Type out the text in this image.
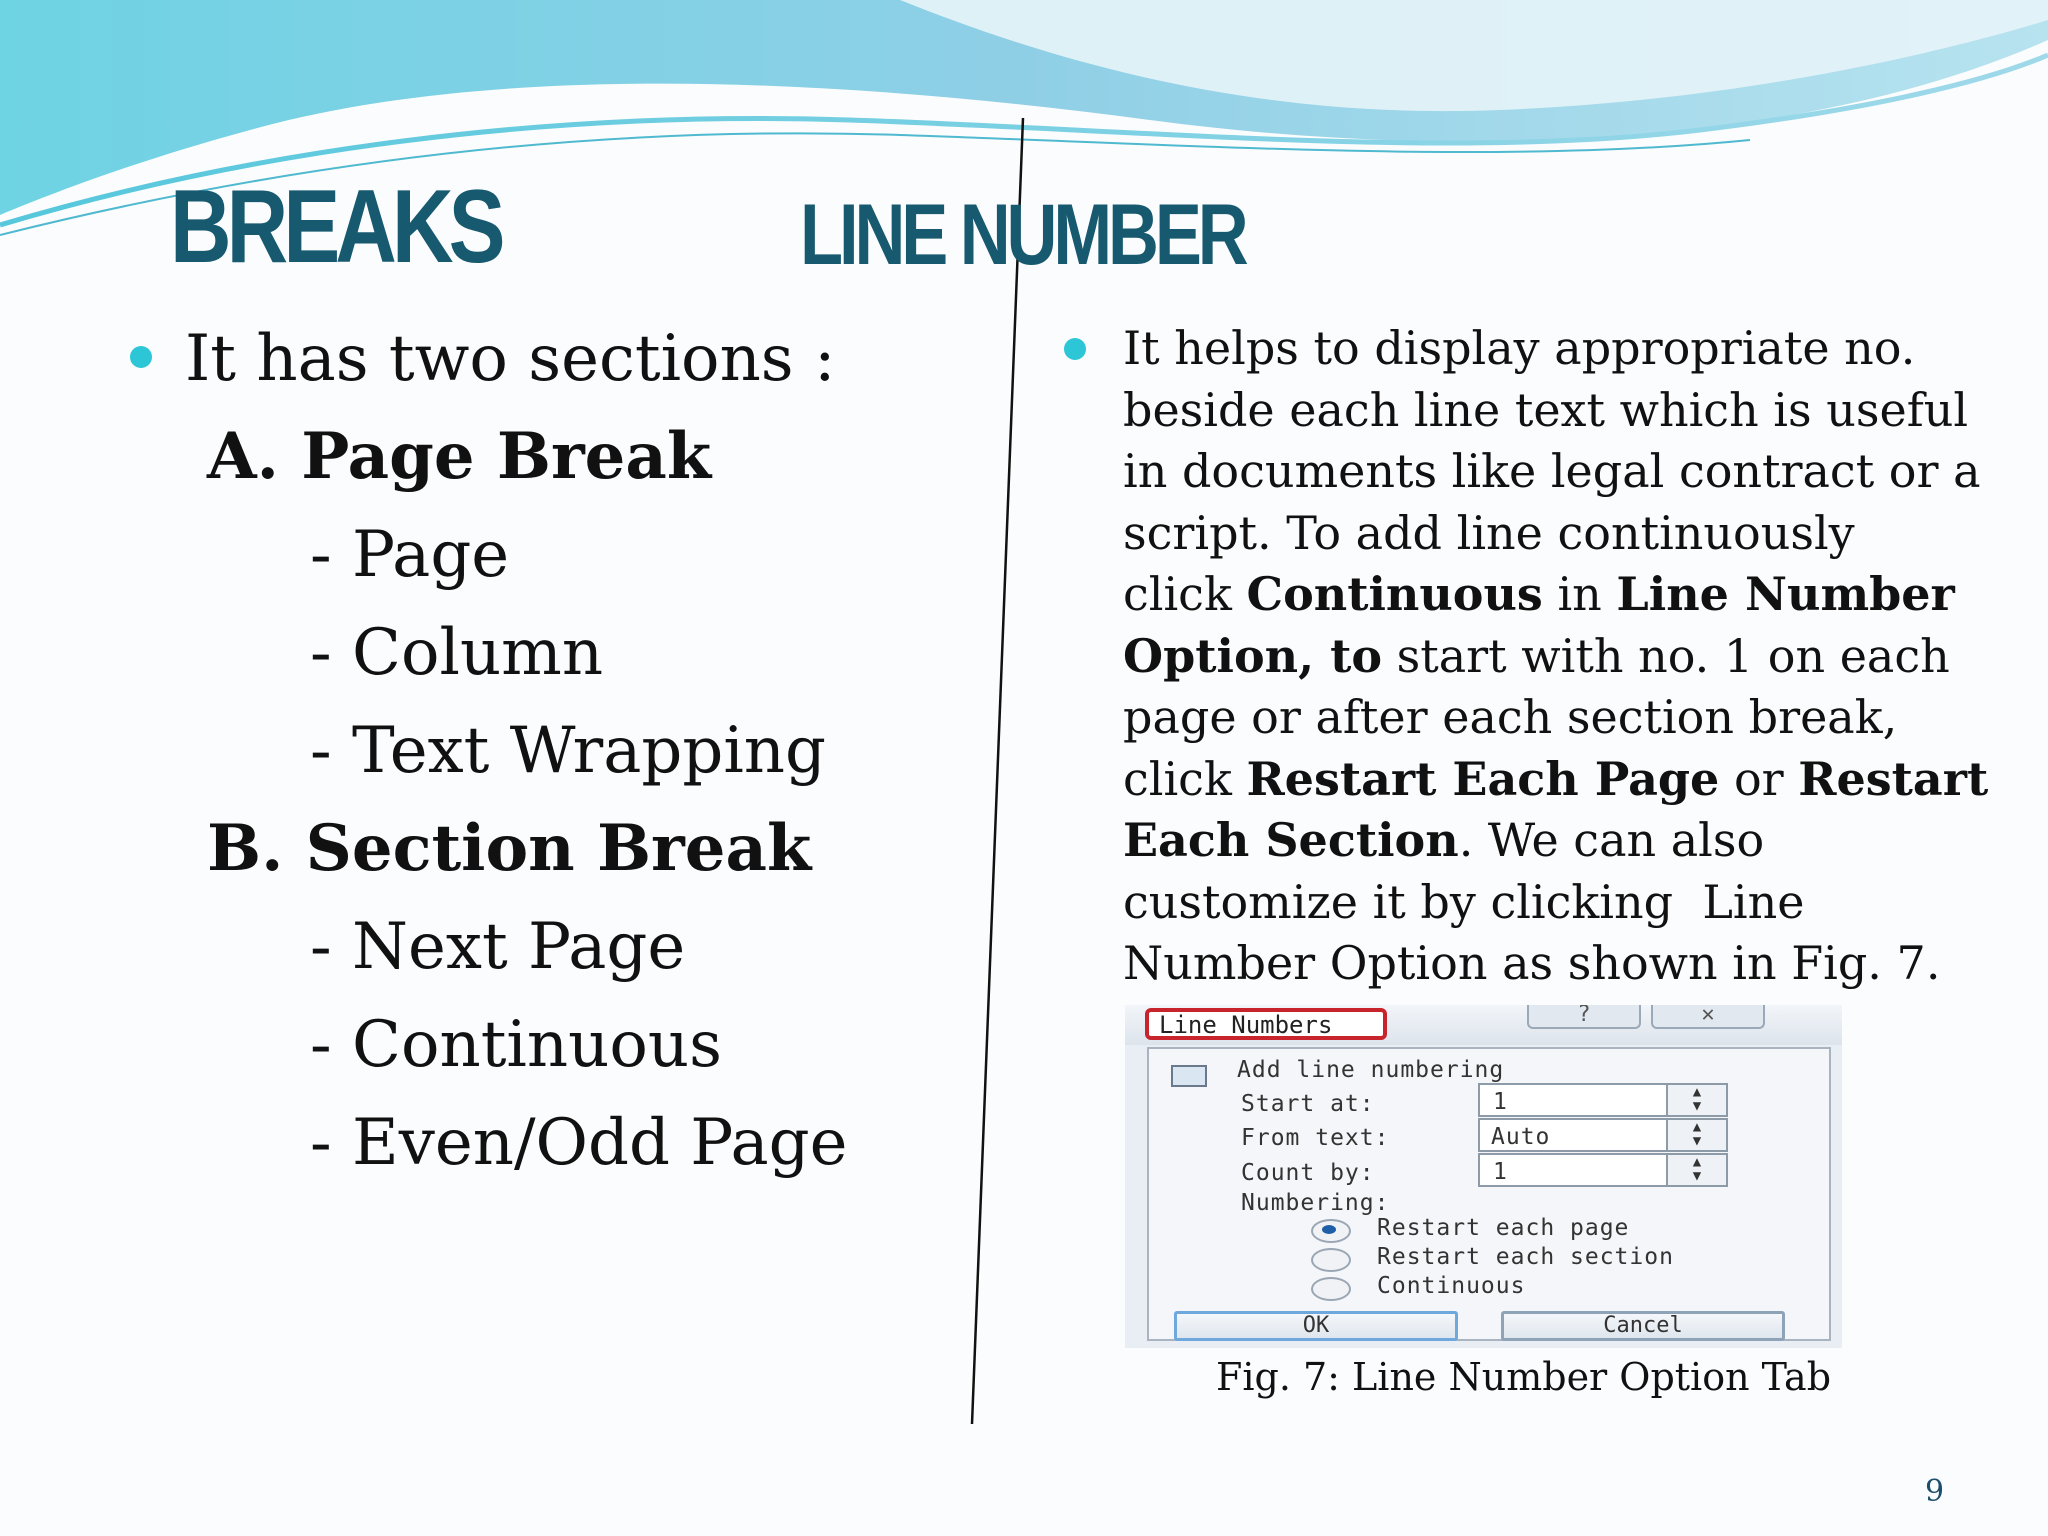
BREAKS	LINE NUMBER
It has two sections :
A. Page Break
- Page
- Column
- Text Wrapping
B. Section Break
- Next Page
- Continuous
- Even/Odd Page

It helps to display appropriate no.
beside each line text which is useful
in documents like legal contract or a
script. To add line continuously
click Continuous in Line Number
Option, to start with no. 1 on each
page or after each section break,
click Restart Each Page or Restart
Each Section. We can also
customize it by clicking  Line
Number Option as shown in Fig. 7.

Line Numbers	?	✕
Add line numbering
Start at:	1	▲
▼
From text:	Auto	▲
▼
Count by:	1	▲
▼
Numbering:
Restart each page
Restart each section
Continuous
OK	Cancel
Fig. 7: Line Number Option Tab
9
